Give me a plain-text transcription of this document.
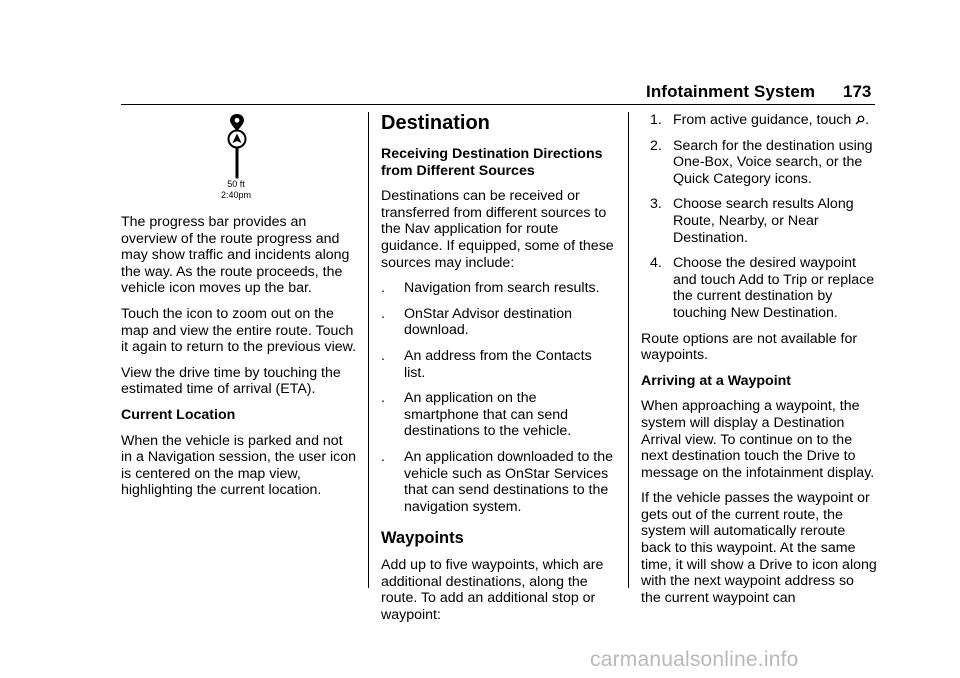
Infotainment System 173
50 ft
2:40pm

The progress bar provides an overview of the route progress and may show traffic and incidents along the way. As the route proceeds, the vehicle icon moves up the bar.

Touch the icon to zoom out on the map and view the entire route. Touch it again to return to the previous view.

View the drive time by touching the estimated time of arrival (ETA).

Current Location

When the vehicle is parked and not in a Navigation session, the user icon is centered on the map view, highlighting the current location.

Destination
Receiving Destination Directions from Different Sources

Destinations can be received or transferred from different sources to the Nav application for route guidance. If equipped, some of these sources may include:

. Navigation from search results.
. OnStar Advisor destination download.
. An address from the Contacts list.
. An application on the smartphone that can send destinations to the vehicle.
. An application downloaded to the vehicle such as OnStar Services that can send destinations to the navigation system.
Waypoints

Add up to five waypoints, which are additional destinations, along the route. To add an additional stop or waypoint:

1. From active guidance, touch .
2. Search for the destination using One-Box, Voice search, or the Quick Category icons.
3. Choose search results Along Route, Nearby, or Near Destination.
4. Choose the desired waypoint and touch Add to Trip or replace the current destination by touching New Destination.

Route options are not available for waypoints.

Arriving at a Waypoint

When approaching a waypoint, the system will display a Destination Arrival view. To continue on to the next destination touch the Drive to message on the infotainment display.

If the vehicle passes the waypoint or gets out of the current route, the system will automatically reroute back to this waypoint. At the same time, it will show a Drive to icon along with the next waypoint address so the current waypoint can

carmanualsonline.info
